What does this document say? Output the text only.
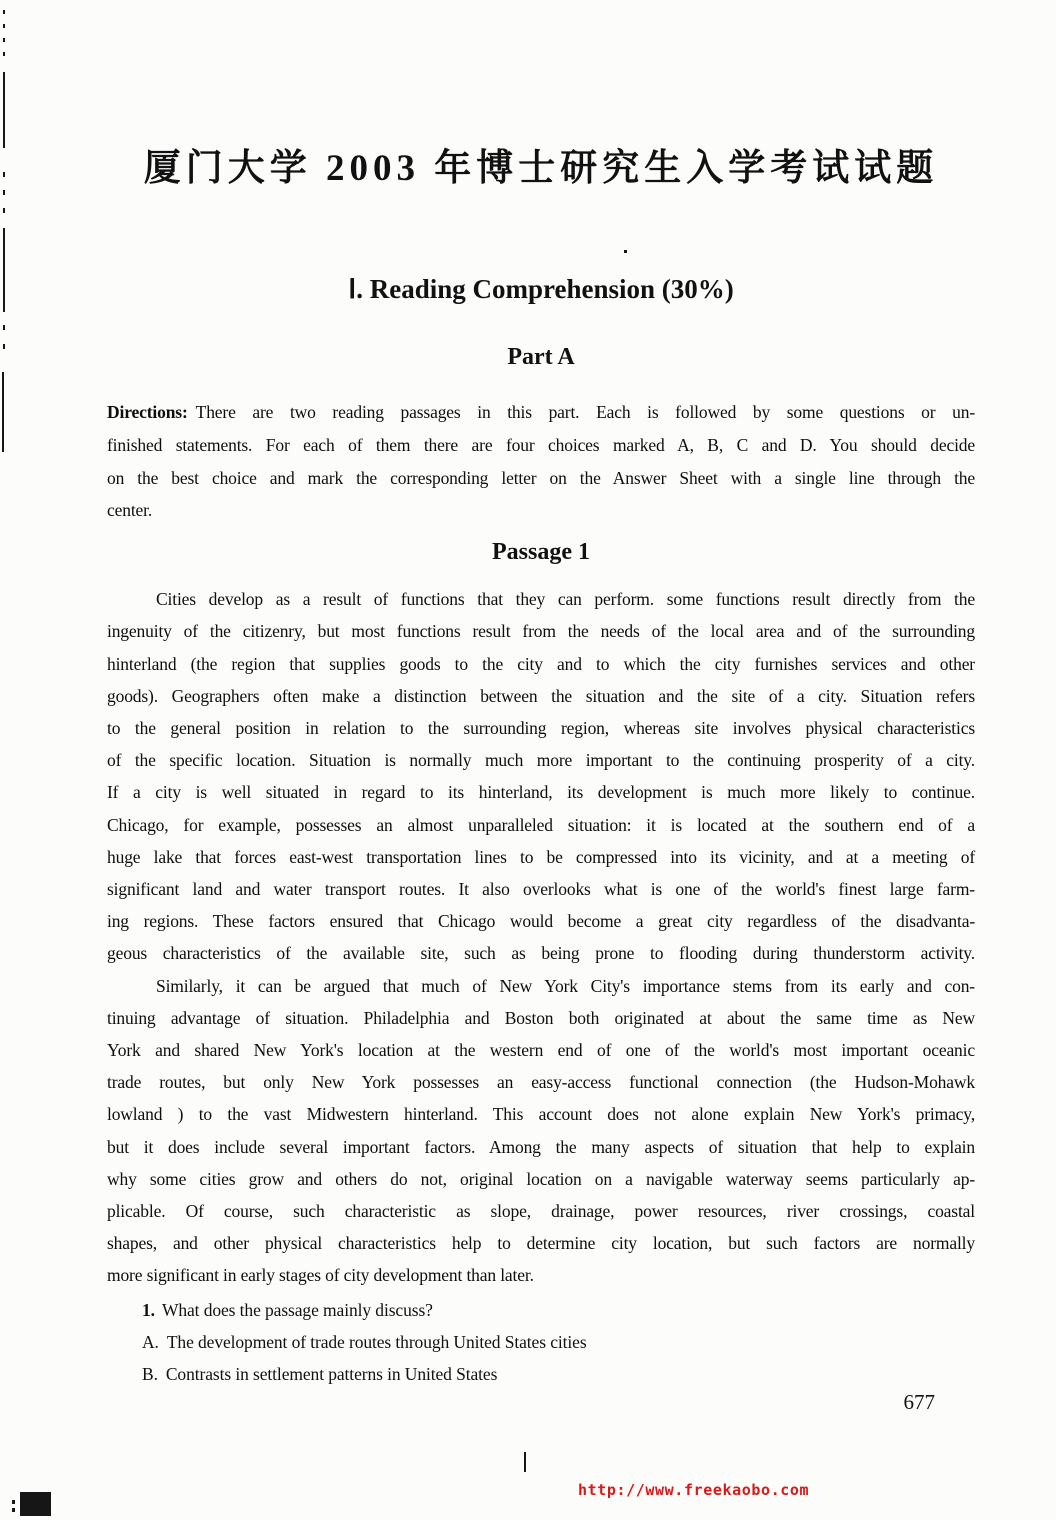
厦门大学 2003 年博士研究生入学考试试题
Ⅰ. Reading Comprehension (30%)
Part A
Directions: There are two reading passages in this part. Each is followed by some questions or un-
finished statements. For each of them there are four choices marked A, B, C and D. You should decide
on the best choice and mark the corresponding letter on the Answer Sheet with a single line through the
center.
Passage 1
Cities develop as a result of functions that they can perform. some functions result directly from the
ingenuity of the citizenry, but most functions result from the needs of the local area and of the surrounding
hinterland (the region that supplies goods to the city and to which the city furnishes services and other
goods). Geographers often make a distinction between the situation and the site of a city. Situation refers
to the general position in relation to the surrounding region, whereas site involves physical characteristics
of the specific location. Situation is normally much more important to the continuing prosperity of a city.
If a city is well situated in regard to its hinterland, its development is much more likely to continue.
Chicago, for example, possesses an almost unparalleled situation: it is located at the southern end of a
huge lake that forces east-west transportation lines to be compressed into its vicinity, and at a meeting of
significant land and water transport routes. It also overlooks what is one of the world's finest large farm-
ing regions. These factors ensured that Chicago would become a great city regardless of the disadvanta-
geous characteristics of the available site, such as being prone to flooding during thunderstorm activity.
Similarly, it can be argued that much of New York City's importance stems from its early and con-
tinuing advantage of situation. Philadelphia and Boston both originated at about the same time as New
York and shared New York's location at the western end of one of the world's most important oceanic
trade routes, but only New York possesses an easy-access functional connection (the Hudson-Mohawk
lowland ) to the vast Midwestern hinterland. This account does not alone explain New York's primacy,
but it does include several important factors. Among the many aspects of situation that help to explain
why some cities grow and others do not, original location on a navigable waterway seems particularly ap-
plicable. Of course, such characteristic as slope, drainage, power resources, river crossings, coastal
shapes, and other physical characteristics help to determine city location, but such factors are normally
more significant in early stages of city development than later.
1. What does the passage mainly discuss?
A. The development of trade routes through United States cities
B. Contrasts in settlement patterns in United States
677
http://www.freekaobo.com
